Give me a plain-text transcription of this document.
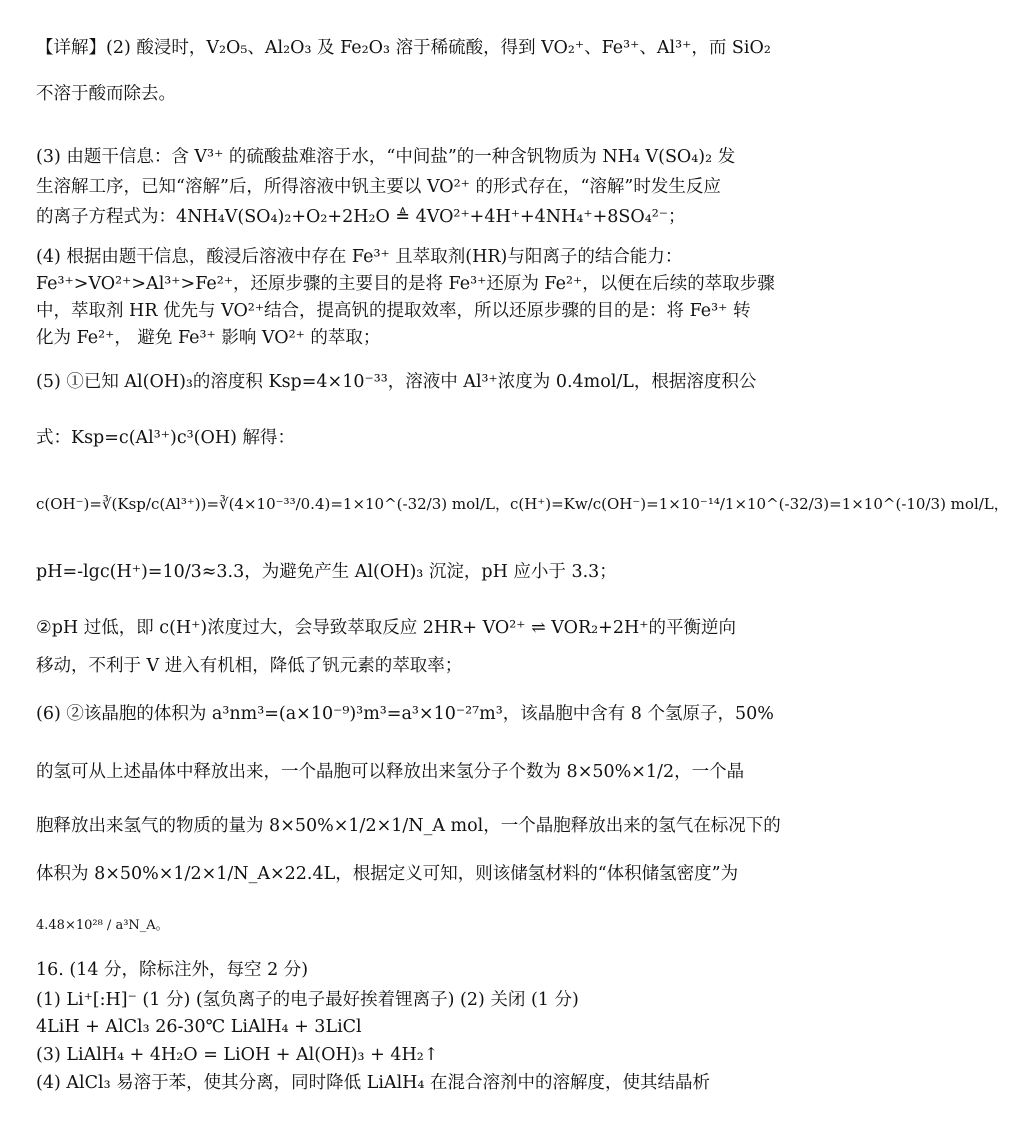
【详解】(2) 酸浸时，V₂O₅、Al₂O₃ 及 Fe₂O₃ 溶于稀硫酸，得到 VO₂⁺、Fe³⁺、Al³⁺，而 SiO₂
不溶于酸而除去。
(3) 由题干信息：含 V³⁺ 的硫酸盐难溶于水，“中间盐”的一种含钒物质为 NH₄ V(SO₄)₂ 发
生溶解工序，已知“溶解”后，所得溶液中钒主要以 VO²⁺ 的形式存在，“溶解”时发生反应
的离子方程式为：4NH₄V(SO₄)₂+O₂+2H₂O ≜ 4VO²⁺+4H⁺+4NH₄⁺+8SO₄²⁻；
(4) 根据由题干信息，酸浸后溶液中存在 Fe³⁺ 且萃取剂(HR)与阳离子的结合能力：
Fe³⁺>VO²⁺>Al³⁺>Fe²⁺，还原步骤的主要目的是将 Fe³⁺还原为 Fe²⁺，以便在后续的萃取步骤
中，萃取剂 HR 优先与 VO²⁺结合，提高钒的提取效率，所以还原步骤的目的是：将 Fe³⁺ 转
化为 Fe²⁺， 避免 Fe³⁺ 影响 VO²⁺ 的萃取；
(5) ①已知 Al(OH)₃的溶度积 Ksp=4×10⁻³³，溶液中 Al³⁺浓度为 0.4mol/L，根据溶度积公
式：Ksp=c(Al³⁺)c³(OH) 解得：
c(OH⁻)=∛(Ksp/c(Al³⁺))=∛(4×10⁻³³/0.4)=1×10^(-32/3) mol/L，c(H⁺)=Kw/c(OH⁻)=1×10⁻¹⁴/1×10^(-32/3)=1×10^(-10/3) mol/L，
pH=-lgc(H⁺)=10/3≈3.3，为避免产生 Al(OH)₃ 沉淀，pH 应小于 3.3；
②pH 过低，即 c(H⁺)浓度过大，会导致萃取反应 2HR+ VO²⁺ ⇌ VOR₂+2H⁺的平衡逆向
移动，不利于 V 进入有机相，降低了钒元素的萃取率；
(6) ②该晶胞的体积为 a³nm³=(a×10⁻⁹)³m³=a³×10⁻²⁷m³，该晶胞中含有 8 个氢原子，50%
的氢可从上述晶体中释放出来，一个晶胞可以释放出来氢分子个数为 8×50%×1/2，一个晶
胞释放出来氢气的物质的量为 8×50%×1/2×1/N_A mol，一个晶胞释放出来的氢气在标况下的
体积为 8×50%×1/2×1/N_A×22.4L，根据定义可知，则该储氢材料的“体积储氢密度”为
4.48×10²⁸ / a³N_A。
16. (14 分，除标注外，每空 2 分)
(1) Li⁺[:H]⁻ (1 分) (氢负离子的电子最好挨着锂离子) (2) 关闭 (1 分)
4LiH + AlCl₃ 26-30℃ LiAlH₄ + 3LiCl
(3) LiAlH₄ + 4H₂O = LiOH + Al(OH)₃ + 4H₂↑
(4) AlCl₃ 易溶于苯，使其分离，同时降低 LiAlH₄ 在混合溶剂中的溶解度，使其结晶析
